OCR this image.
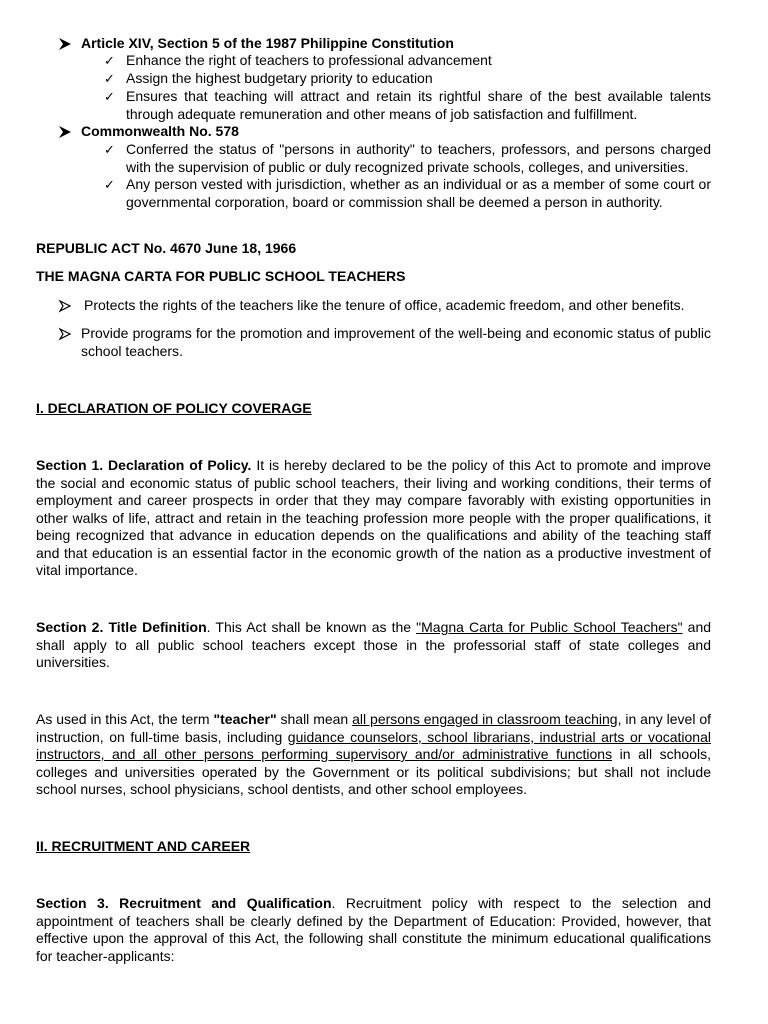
Article XIV, Section 5 of the 1987 Philippine Constitution
✓ Enhance the right of teachers to professional advancement
✓ Assign the highest budgetary priority to education
✓ Ensures that teaching will attract and retain its rightful share of the best available talents through adequate remuneration and other means of job satisfaction and fulfillment.
Commonwealth No. 578
✓ Conferred the status of "persons in authority" to teachers, professors, and persons charged with the supervision of public or duly recognized private schools, colleges, and universities.
✓ Any person vested with jurisdiction, whether as an individual or as a member of some court or governmental corporation, board or commission shall be deemed a person in authority.
REPUBLIC ACT No. 4670 June 18, 1966
THE MAGNA CARTA FOR PUBLIC SCHOOL TEACHERS
Protects the rights of the teachers like the tenure of office, academic freedom, and other benefits.
Provide programs for the promotion and improvement of the well-being and economic status of public school teachers.
I. DECLARATION OF POLICY COVERAGE
Section 1. Declaration of Policy. It is hereby declared to be the policy of this Act to promote and improve the social and economic status of public school teachers, their living and working conditions, their terms of employment and career prospects in order that they may compare favorably with existing opportunities in other walks of life, attract and retain in the teaching profession more people with the proper qualifications, it being recognized that advance in education depends on the qualifications and ability of the teaching staff and that education is an essential factor in the economic growth of the nation as a productive investment of vital importance.
Section 2. Title Definition. This Act shall be known as the "Magna Carta for Public School Teachers" and shall apply to all public school teachers except those in the professorial staff of state colleges and universities.
As used in this Act, the term "teacher" shall mean all persons engaged in classroom teaching, in any level of instruction, on full-time basis, including guidance counselors, school librarians, industrial arts or vocational instructors, and all other persons performing supervisory and/or administrative functions in all schools, colleges and universities operated by the Government or its political subdivisions; but shall not include school nurses, school physicians, school dentists, and other school employees.
II. RECRUITMENT AND CAREER
Section 3. Recruitment and Qualification. Recruitment policy with respect to the selection and appointment of teachers shall be clearly defined by the Department of Education: Provided, however, that effective upon the approval of this Act, the following shall constitute the minimum educational qualifications for teacher-applicants:
